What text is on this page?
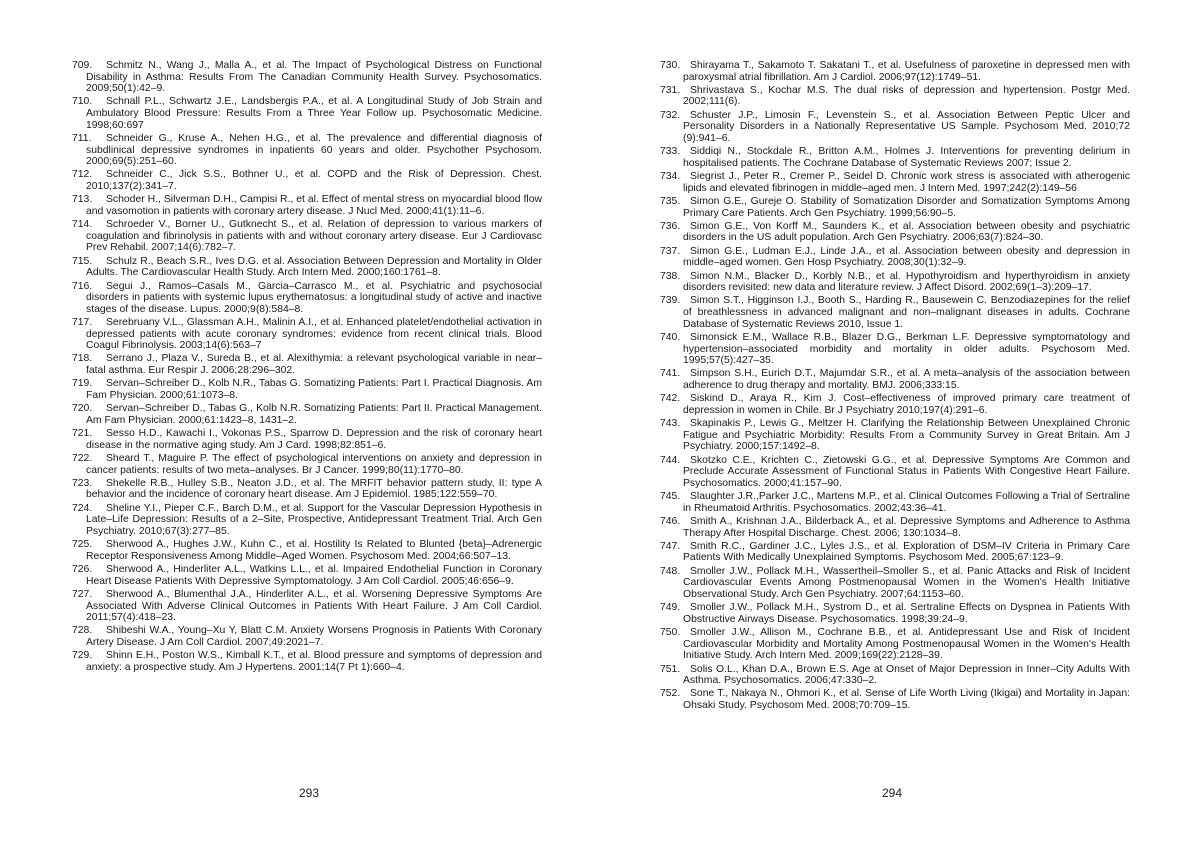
709. Schmitz N., Wang J., Malla A., et al. The Impact of Psychological Distress on Functional Disability in Asthma: Results From The Canadian Community Health Survey. Psychosomatics. 2009;50(1):42–9.
710. Schnall P.L., Schwartz J.E., Landsbergis P.A., et al. A Longitudinal Study of Job Strain and Ambulatory Blood Pressure: Results From a Three Year Follow up. Psychosomatic Medicine. 1998;60:697
711. Schneider G., Kruse A., Nehen H.G., et al. The prevalence and differential diagnosis of subdlinical depressive syndromes in inpatients 60 years and older. Psychother Psychosom. 2000;69(5):251–60.
712. Schneider C., Jick S.S., Bothner U., et al. COPD and the Risk of Depression. Chest. 2010;137(2):341–7.
713. Schoder H., Silverman D.H., Campisi R., et al. Effect of mental stress on myocardial blood flow and vasomotion in patients with coronary artery disease. J Nucl Med. 2000;41(1):11–6.
714. Schroeder V., Borner U., Gutknecht S., et al. Relation of depression to various markers of coagulation and fibrinolysis in patients with and without coronary artery disease. Eur J Cardiovasc Prev Rehabil. 2007;14(6):782–7.
715. Schulz R., Beach S.R., Ives D.G. et al. Association Between Depression and Mortality in Older Adults. The Cardiovascular Health Study. Arch Intern Med. 2000;160:1761–8.
716. Segui J., Ramos–Casals M., Garcia–Carrasco M., et al. Psychiatric and psychosocial disorders in patients with systemic lupus erythematosus: a longitudinal study of active and inactive stages of the disease. Lupus. 2000;9(8):584–8.
717. Serebruany V.L., Glassman A.H., Malinin A.I., et al. Enhanced platelet/endothelial activation in depressed patients with acute coronary syndromes: evidence from recent clinical trials. Blood Coagul Fibrinolysis. 2003;14(6):563–7
718. Serrano J., Plaza V., Sureda B., et al. Alexithymia: a relevant psychological variable in near–fatal asthma. Eur Respir J. 2006;28:296–302.
719. Servan–Schreiber D., Kolb N.R., Tabas G. Somatizing Patients: Part I. Practical Diagnosis. Am Fam Physician. 2000;61:1073–8.
720. Servan–Schreiber D., Tabas G., Kolb N.R. Somatizing Patients: Part II. Practical Management. Am Fam Physician. 2000;61:1423–8, 1431–2.
721. Sesso H.D., Kawachi I., Vokonas P.S., Sparrow D. Depression and the risk of coronary heart disease in the normative aging study. Am J Card. 1998;82:851–6.
722. Sheard T., Maguire P. The effect of psychological interventions on anxiety and depression in cancer patients: results of two meta–analyses. Br J Cancer. 1999;80(11):1770–80.
723. Shekelle R.B., Hulley S.B., Neaton J.D., et al. The MRFIT behavior pattern study, II: type A behavior and the incidence of coronary heart disease. Am J Epidemiol. 1985;122:559–70.
724. Sheline Y.I., Pieper C.F., Barch D.M., et al. Support for the Vascular Depression Hypothesis in Late–Life Depression: Results of a 2–Site, Prospective, Antidepressant Treatment Trial. Arch Gen Psychiatry. 2010;67(3):277–85.
725. Sherwood A., Hughes J.W., Kuhn C., et al. Hostility Is Related to Blunted {beta}–Adrenergic Receptor Responsiveness Among Middle–Aged Women. Psychosom Med. 2004;66:507–13.
726. Sherwood A., Hinderliter A.L., Watkins L.L., et al. Impaired Endothelial Function in Coronary Heart Disease Patients With Depressive Symptomatology. J Am Coll Cardiol. 2005;46:656–9.
727. Sherwood A., Blumenthal J.A., Hinderliter A.L., et al. Worsening Depressive Symptoms Are Associated With Adverse Clinical Outcomes in Patients With Heart Failure. J Am Coll Cardiol. 2011;57(4):418–23.
728. Shibeshi W.A., Young–Xu Y, Blatt C.M. Anxiety Worsens Prognosis in Patients With Coronary Artery Disease. J Am Coll Cardiol. 2007;49:2021–7.
729. Shinn E.H., Poston W.S., Kimball K.T., et al. Blood pressure and symptoms of depression and anxiety: a prospective study. Am J Hypertens. 2001;14(7 Pt 1):660–4.
730. Shirayama T., Sakamoto T. Sakatani T., et al. Usefulness of paroxetine in depressed men with paroxysmal atrial fibrillation. Am J Cardiol. 2006;97(12):1749–51.
731. Shrivastava S., Kochar M.S. The dual risks of depression and hypertension. Postgr Med. 2002;111(6).
732. Schuster J.P., Limosin F., Levenstein S., et al. Association Between Peptic Ulcer and Personality Disorders in a Nationally Representative US Sample. Psychosom Med. 2010;72 (9):941–6.
733. Siddiqi N., Stockdale R., Britton A.M., Holmes J. Interventions for preventing delirium in hospitalised patients. The Cochrane Database of Systematic Reviews 2007; Issue 2.
734. Siegrist J., Peter R., Cremer P., Seidel D. Chronic work stress is associated with atherogenic lipids and elevated fibrinogen in middle–aged men. J Intern Med. 1997;242(2):149–56
735. Simon G.E., Gureje O. Stability of Somatization Disorder and Somatization Symptoms Among Primary Care Patients. Arch Gen Psychiatry. 1999;56:90–5.
736. Simon G.E., Von Korff M., Saunders K., et al. Association between obesity and psychiatric disorders in the US adult population. Arch Gen Psychiatry. 2006;63(7):824–30.
737. Simon G.E., Ludman E.J., Linde J.A., et al. Association between obesity and depression in middle–aged women. Gen Hosp Psychiatry. 2008;30(1):32–9.
738. Simon N.M., Blacker D., Korbly N.B., et al. Hypothyroidism and hyperthyroidism in anxiety disorders revisited: new data and literature review. J Affect Disord. 2002;69(1–3):209–17.
739. Simon S.T., Higginson I.J., Booth S., Harding R., Bausewein C. Benzodiazepines for the relief of breathlessness in advanced malignant and non–malignant diseases in adults. Cochrane Database of Systematic Reviews 2010, Issue 1.
740. Simonsick E.M., Wallace R.B., Blazer D.G., Berkman L.F. Depressive symptomatology and hypertension–associated morbidity and mortality in older adults. Psychosom Med. 1995;57(5):427–35.
741. Simpson S.H., Eurich D.T., Majumdar S.R., et al. A meta–analysis of the association between adherence to drug therapy and mortality. BMJ. 2006;333:15.
742. Siskind D., Araya R., Kim J. Cost–effectiveness of improved primary care treatment of depression in women in Chile. Br J Psychiatry 2010;197(4):291–6.
743. Skapinakis P., Lewis G., Meltzer H. Clarifying the Relationship Between Unexplained Chronic Fatigue and Psychiatric Morbidity: Results From a Community Survey in Great Britain. Am J Psychiatry. 2000;157:1492–8.
744. Skotzko C.E., Krichten C., Zietowski G.G., et al. Depressive Symptoms Are Common and Preclude Accurate Assessment of Functional Status in Patients With Congestive Heart Failure. Psychosomatics. 2000;41:157–90.
745. Slaughter J.R.,Parker J.C., Martens M.P., et al. Clinical Outcomes Following a Trial of Sertraline in Rheumatoid Arthritis. Psychosomatics. 2002;43:36–41.
746. Smith A., Krishnan J.A., Bilderback A., et al. Depressive Symptoms and Adherence to Asthma Therapy After Hospital Discharge. Chest. 2006; 130:1034–8.
747. Smith R.C., Gardiner J.C., Lyles J.S., et al. Exploration of DSM–IV Criteria in Primary Care Patients With Medically Unexplained Symptoms. Psychosom Med. 2005;67:123–9.
748. Smoller J.W., Pollack M.H., Wassertheil–Smoller S., et al. Panic Attacks and Risk of Incident Cardiovascular Events Among Postmenopausal Women in the Women's Health Initiative Observational Study. Arch Gen Psychiatry. 2007;64:1153–60.
749. Smoller J.W., Pollack M.H., Systrom D., et al. Sertraline Effects on Dyspnea in Patients With Obstructive Airways Disease. Psychosomatics. 1998;39:24–9.
750. Smoller J.W., Allison M., Cochrane B.B., et al. Antidepressant Use and Risk of Incident Cardiovascular Morbidity and Mortality Among Postmenopausal Women in the Women's Health Initiative Study. Arch Intern Med. 2009;169(22):2128–39.
751. Solis O.L., Khan D.A., Brown E.S. Age at Onset of Major Depression in Inner–City Adults With Asthma. Psychosomatics. 2006;47:330–2.
752. Sone T., Nakaya N., Ohmori K., et al. Sense of Life Worth Living (Ikigai) and Mortality in Japan: Ohsaki Study. Psychosom Med. 2008;70:709–15.
293	294
